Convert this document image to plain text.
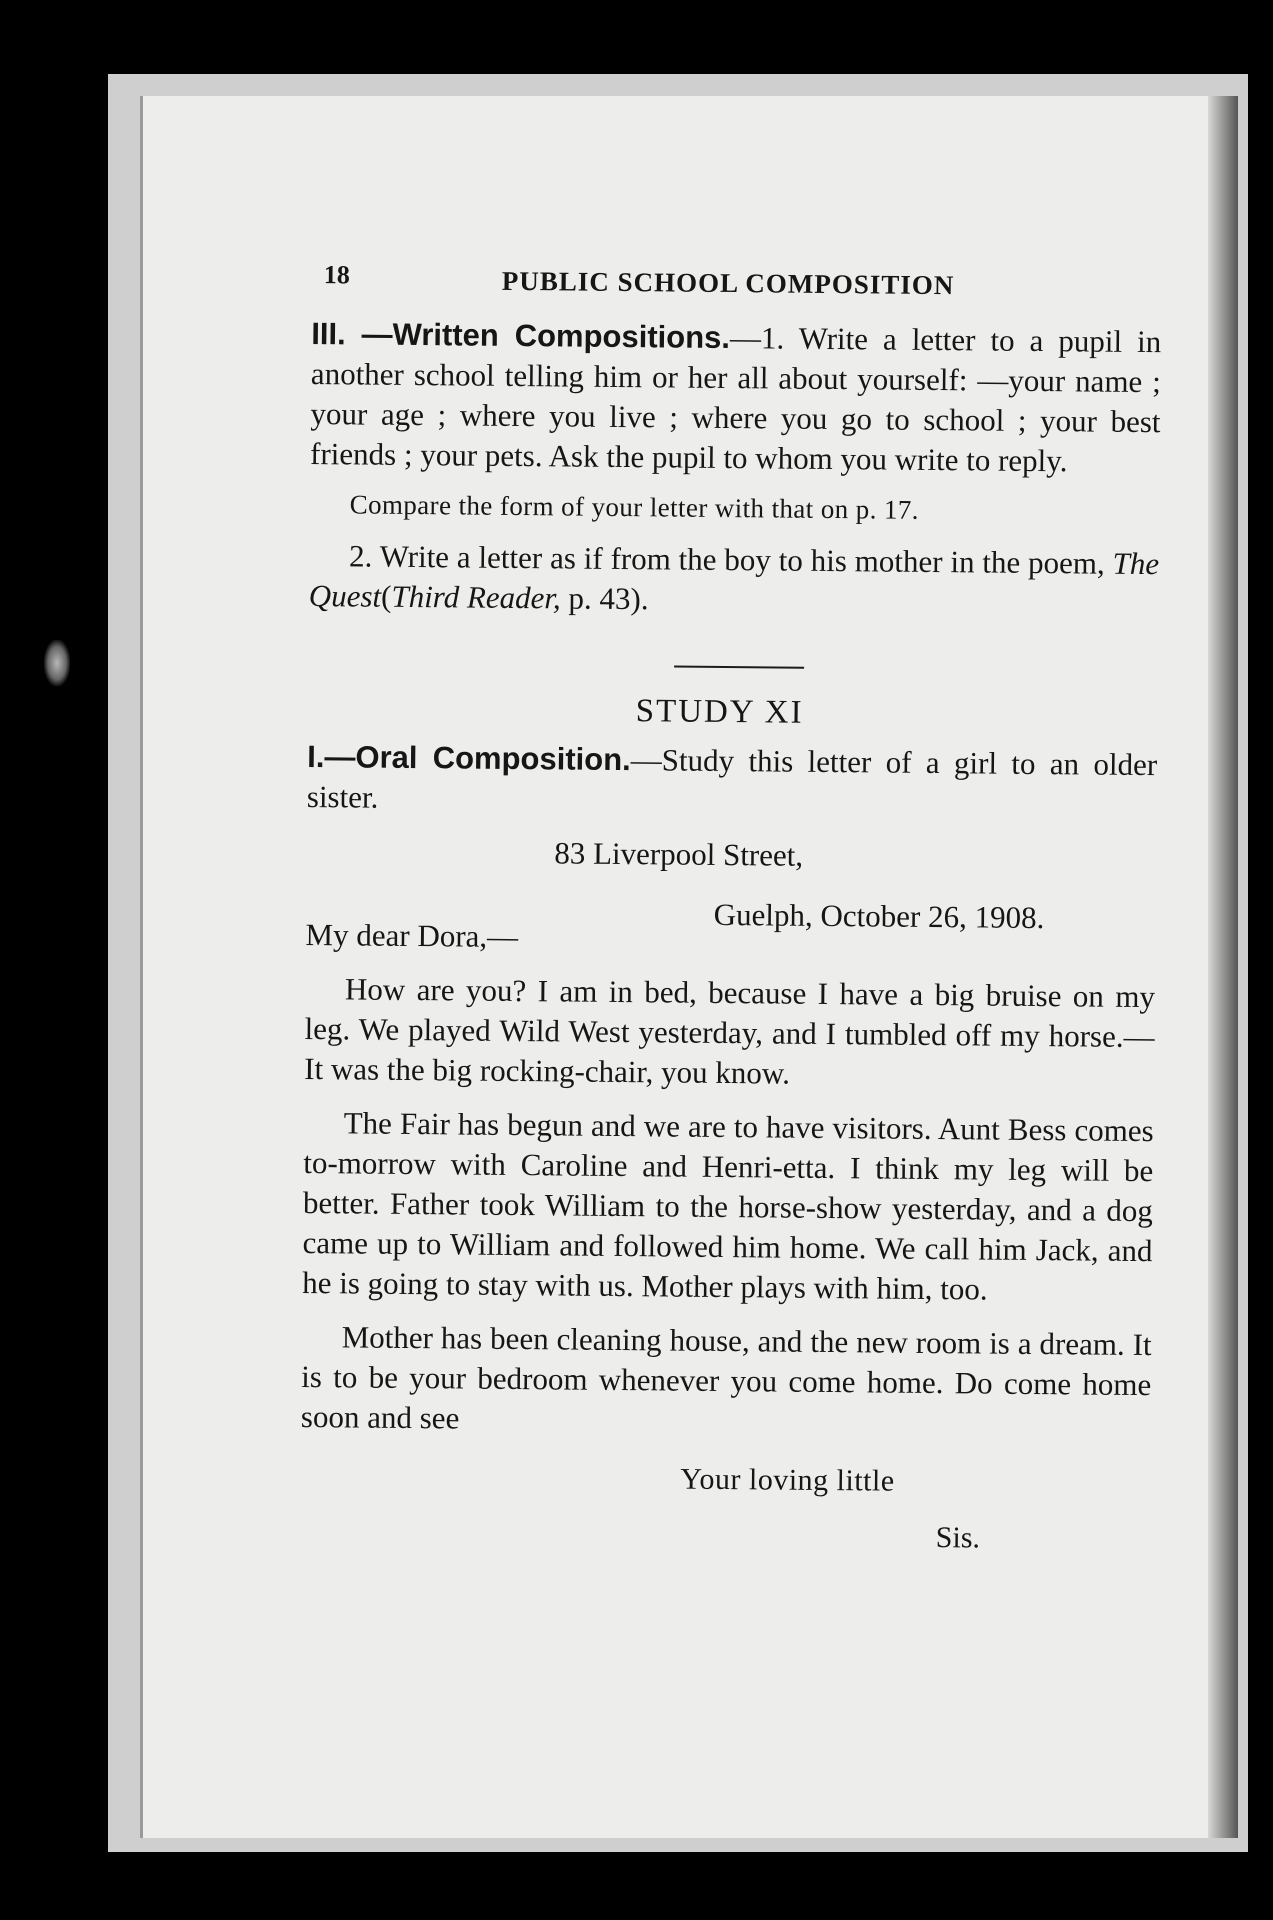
18	PUBLIC SCHOOL COMPOSITION

III. —Written Compositions.—1. Write a letter to a pupil in another school telling him or her all about yourself: —your name ; your age ; where you live ; where you go to school ; your best friends ; your pets. Ask the pupil to whom you write to reply.

Compare the form of your letter with that on p. 17.

2. Write a letter as if from the boy to his mother in the poem, The Quest(Third Reader, p. 43).

STUDY XI

I.—Oral Composition.—Study this letter of a girl to an older sister.

83 Liverpool Street,
Guelph, October 26, 1908.
My dear Dora,—

How are you? I am in bed, because I have a big bruise on my leg. We played Wild West yesterday, and I tumbled off my horse.—It was the big rocking-chair, you know.

The Fair has begun and we are to have visitors. Aunt Bess comes to-morrow with Caroline and Henri-etta. I think my leg will be better. Father took William to the horse-show yesterday, and a dog came up to William and followed him home. We call him Jack, and he is going to stay with us. Mother plays with him, too.

Mother has been cleaning house, and the new room is a dream. It is to be your bedroom whenever you come home. Do come home soon and see

Your loving little
Sis.
